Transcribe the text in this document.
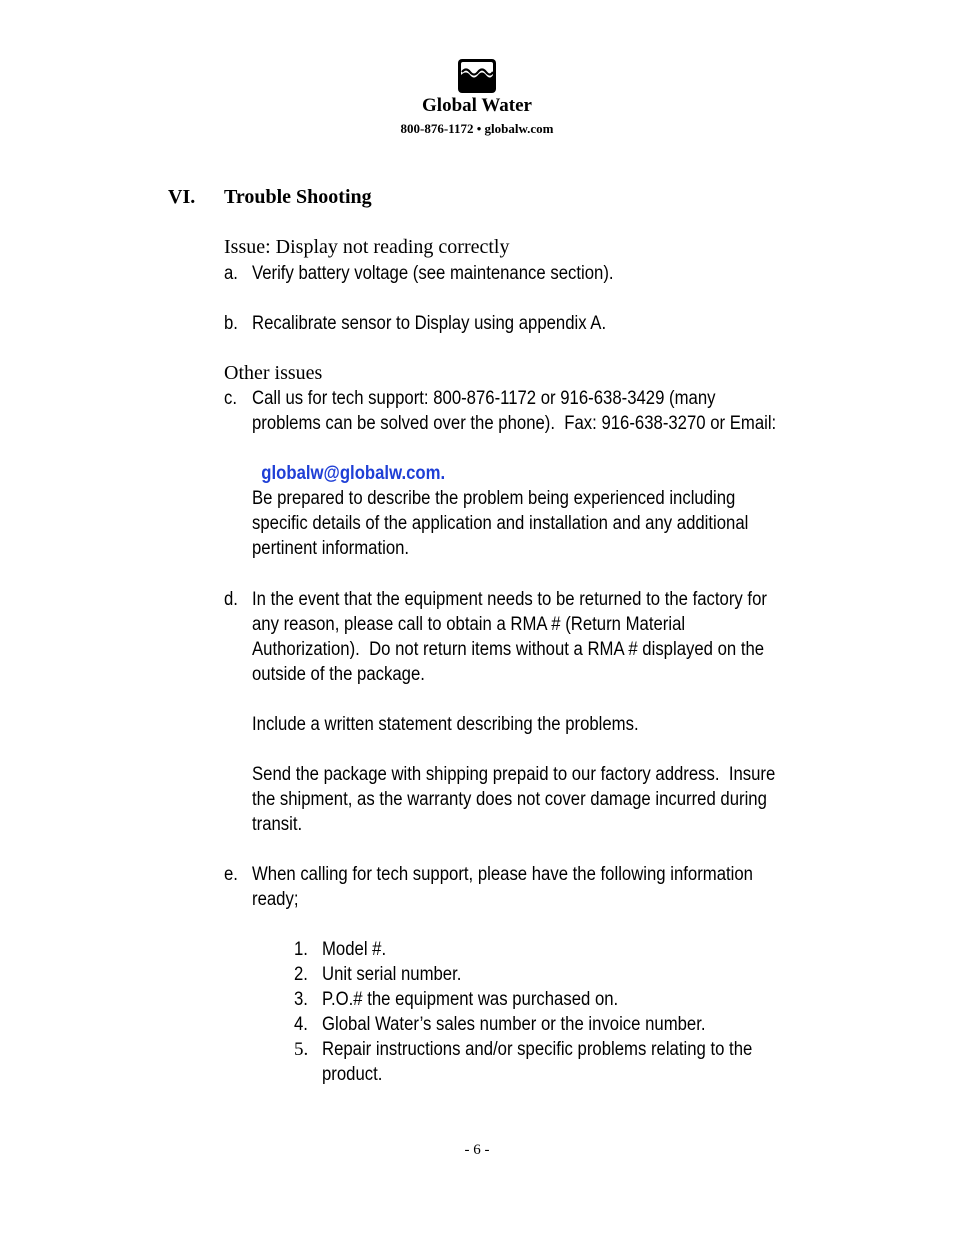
Global Water
800-876-1172 • globalw.com
VI. Trouble Shooting
Issue: Display not reading correctly
a. Verify battery voltage (see maintenance section).
b. Recalibrate sensor to Display using appendix A.
Other issues
c. Call us for tech support: 800-876-1172 or 916-638-3429 (many
problems can be solved over the phone).  Fax: 916-638-3270 or Email:

globalw@globalw.com.

Be prepared to describe the problem being experienced including
specific details of the application and installation and any additional
pertinent information.
d. In the event that the equipment needs to be returned to the factory for
any reason, please call to obtain a RMA # (Return Material
Authorization).  Do not return items without a RMA # displayed on the
outside of the package.
Include a written statement describing the problems.
Send the package with shipping prepaid to our factory address.  Insure
the shipment, as the warranty does not cover damage incurred during
transit.
e. When calling for tech support, please have the following information
ready;
1. Model #.
2. Unit serial number.
3. P.O.# the equipment was purchased on.
4. Global Water’s sales number or the invoice number.
5. Repair instructions and/or specific problems relating to the
product.
- 6 -
